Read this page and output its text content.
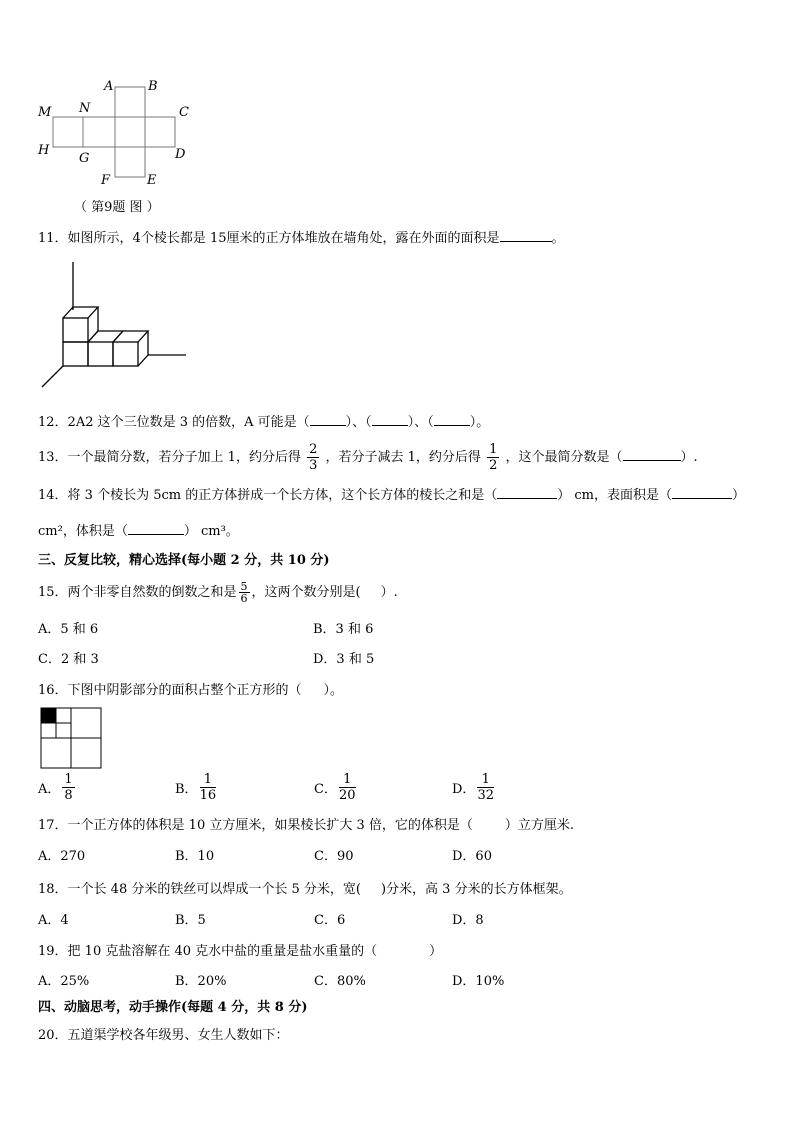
A	B
M N	C
H
G	D
F	E
（ 第9题 图 ）
11．如图所示，4个棱长都是 15厘米的正方体堆放在墙角处，露在外面的面积是	。
12．2A2 这个三位数是 3 的倍数，A 可能是（	）、（	）、（	）。
13．一个最简分数，若分子加上 1，约分后得 $\frac{2}{3}$ ，若分子减去 1，约分后得 $\frac{1}{2}$ ，这个最简分数是（	）.
14．将 3 个棱长为 5cm 的正方体拼成一个长方体，这个长方体的棱长之和是（	） cm，表面积是（	）
cm²，体积是（	） cm³。
三、反复比较，精心选择(每小题 2 分，共 10 分)
15．两个非零自然数的倒数之和是 $\frac{5}{6}$ ，这两个数分别是( ）.
A．5 和 6	B．3 和 6
C．2 和 3	D．3 和 5
16．下图中阴影部分的面积占整个正方形的（ ）。
A． $\frac{1}{8}$	B． $\frac{1}{16}$	C． $\frac{1}{20}$	D． $\frac{1}{32}$
17．一个正方体的体积是 10 立方厘米，如果棱长扩大 3 倍，它的体积是（ ）立方厘米.
A．270	B．10	C．90	D．60
18．一个长 48 分米的铁丝可以焊成一个长 5 分米，宽( )分米，高 3 分米的长方体框架。
A．4	B．5	C．6	D．8
19．把 10 克盐溶解在 40 克水中盐的重量是盐水重量的（	）
A．25%	B．20%	C．80%	D．10%
四、动脑思考，动手操作(每题 4 分，共 8 分)
20．五道渠学校各年级男、女生人数如下：
